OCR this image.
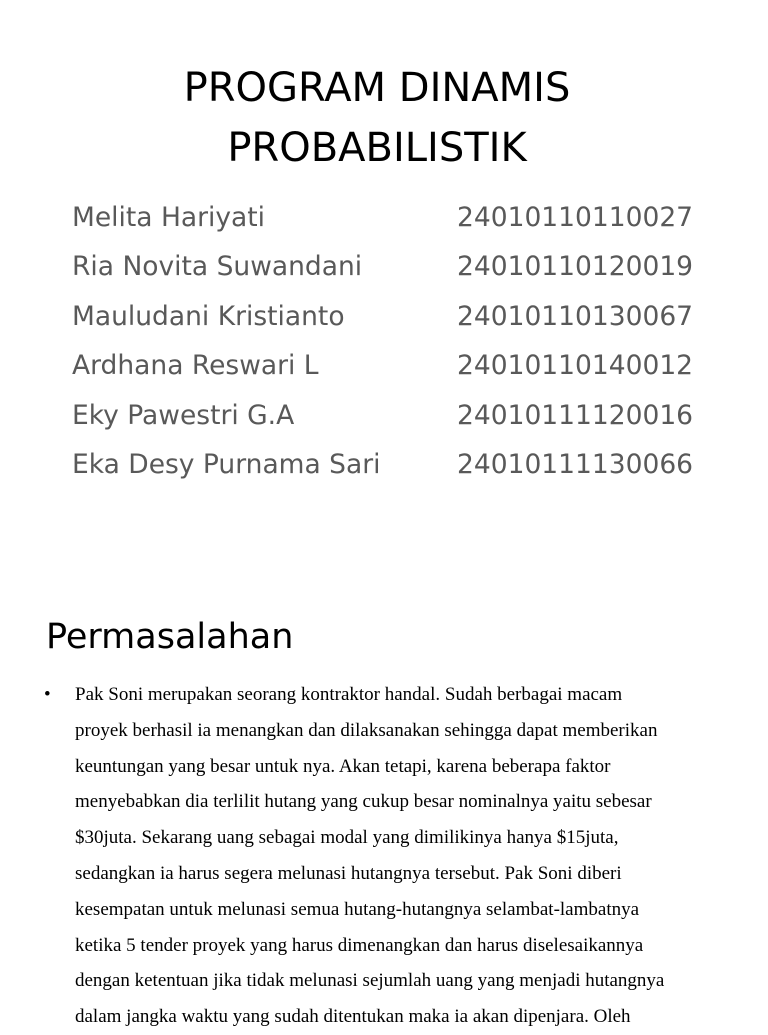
PROGRAM DINAMIS
PROBABILISTIK
Melita Hariyati	24010110110027
Ria Novita Suwandani	24010110120019
Mauludani Kristianto	24010110130067
Ardhana Reswari L	24010110140012
Eky Pawestri G.A	24010111120016
Eka Desy Purnama Sari	24010111130066
Permasalahan
• Pak Soni merupakan seorang kontraktor handal. Sudah berbagai macam
proyek berhasil ia menangkan dan dilaksanakan sehingga dapat memberikan
keuntungan yang besar untuk nya. Akan tetapi, karena beberapa faktor
menyebabkan dia terlilit hutang yang cukup besar nominalnya yaitu sebesar
$30juta. Sekarang uang sebagai modal yang dimilikinya hanya $15juta,
sedangkan ia harus segera melunasi hutangnya tersebut. Pak Soni diberi
kesempatan untuk melunasi semua hutang-hutangnya selambat-lambatnya
ketika 5 tender proyek yang harus dimenangkan dan harus diselesaikannya
dengan ketentuan jika tidak melunasi sejumlah uang yang menjadi hutangnya
dalam jangka waktu yang sudah ditentukan maka ia akan dipenjara. Oleh
